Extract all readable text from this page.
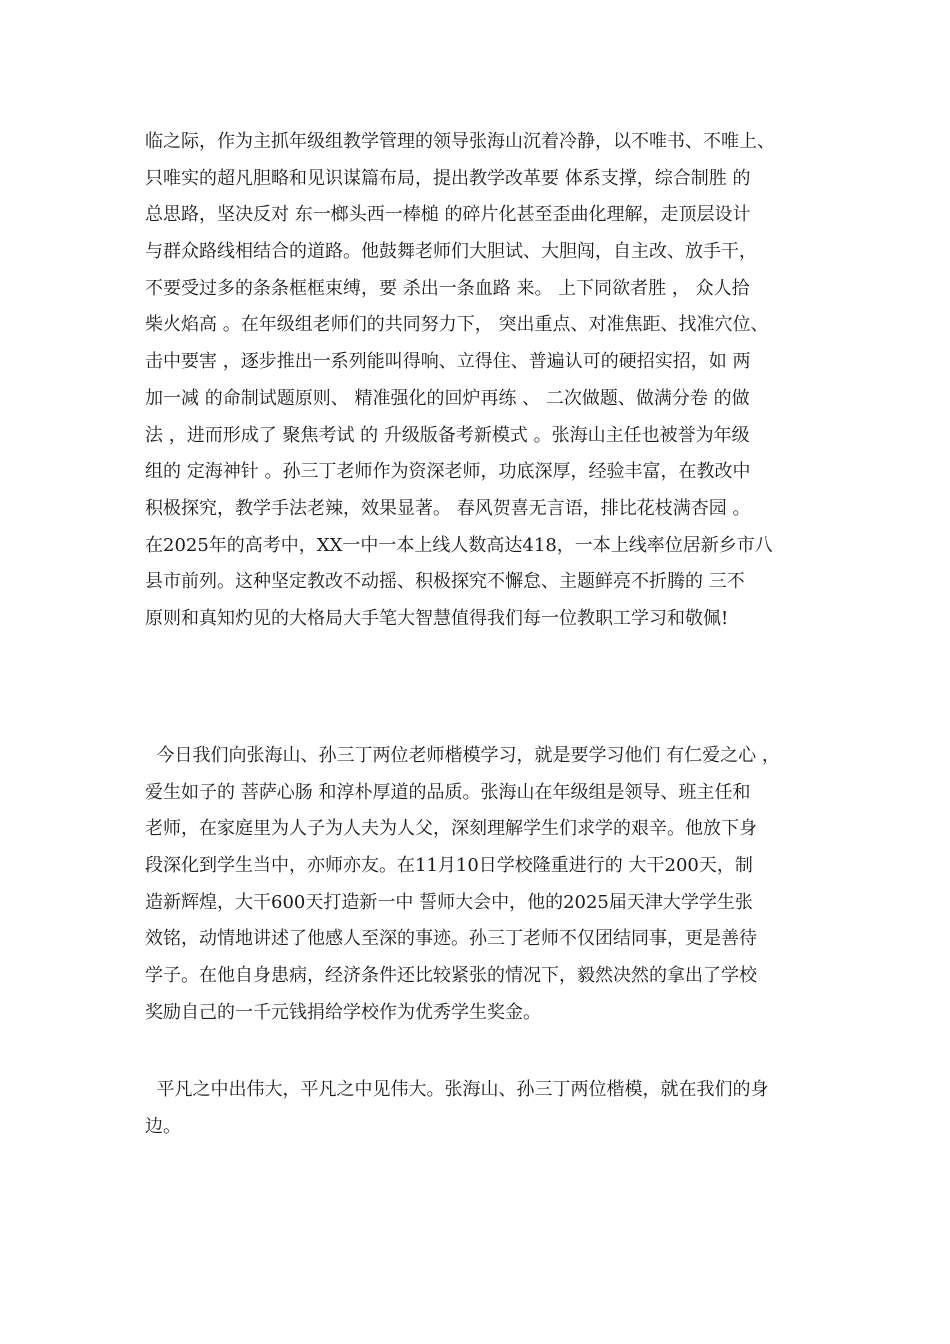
临之际，作为主抓年级组教学管理的领导张海山沉着冷静，以不唯书、不唯上、
只唯实的超凡胆略和见识谋篇布局，提出教学改革要 体系支撑，综合制胜 的
总思路，坚决反对 东一榔头西一棒槌 的碎片化甚至歪曲化理解，走顶层设计
与群众路线相结合的道路。他鼓舞老师们大胆试、大胆闯，自主改、放手干，
不要受过多的条条框框束缚，要 杀出一条血路 来。 上下同欲者胜 ， 众人拾
柴火焰高 。在年级组老师们的共同努力下， 突出重点、对准焦距、找准穴位、
击中要害 ，逐步推出一系列能叫得响、立得住、普遍认可的硬招实招，如 两
加一减 的命制试题原则、 精准强化的回炉再练 、 二次做题、做满分卷 的做
法 ，进而形成了 聚焦考试 的 升级版备考新模式 。张海山主任也被誉为年级
组的 定海神针 。孙三丁老师作为资深老师，功底深厚，经验丰富，在教改中
积极探究，教学手法老辣，效果显著。 春风贺喜无言语，排比花枝满杏园 。
在2025年的高考中，XX一中一本上线人数高达418，一本上线率位居新乡市八
县市前列。这种坚定教改不动摇、积极探究不懈怠、主题鲜亮不折腾的 三不
原则和真知灼见的大格局大手笔大智慧值得我们每一位教职工学习和敬佩!
今日我们向张海山、孙三丁两位老师楷模学习，就是要学习他们 有仁爱之心 ，
爱生如子的 菩萨心肠 和淳朴厚道的品质。张海山在年级组是领导、班主任和
老师，在家庭里为人子为人夫为人父，深刻理解学生们求学的艰辛。他放下身
段深化到学生当中，亦师亦友。在11月10日学校隆重进行的 大干200天，制
造新辉煌，大干600天打造新一中 誓师大会中，他的2025届天津大学学生张
效铭，动情地讲述了他感人至深的事迹。孙三丁老师不仅团结同事，更是善待
学子。在他自身患病，经济条件还比较紧张的情况下，毅然决然的拿出了学校
奖励自己的一千元钱捐给学校作为优秀学生奖金。
平凡之中出伟大，平凡之中见伟大。张海山、孙三丁两位楷模，就在我们的身
边。
